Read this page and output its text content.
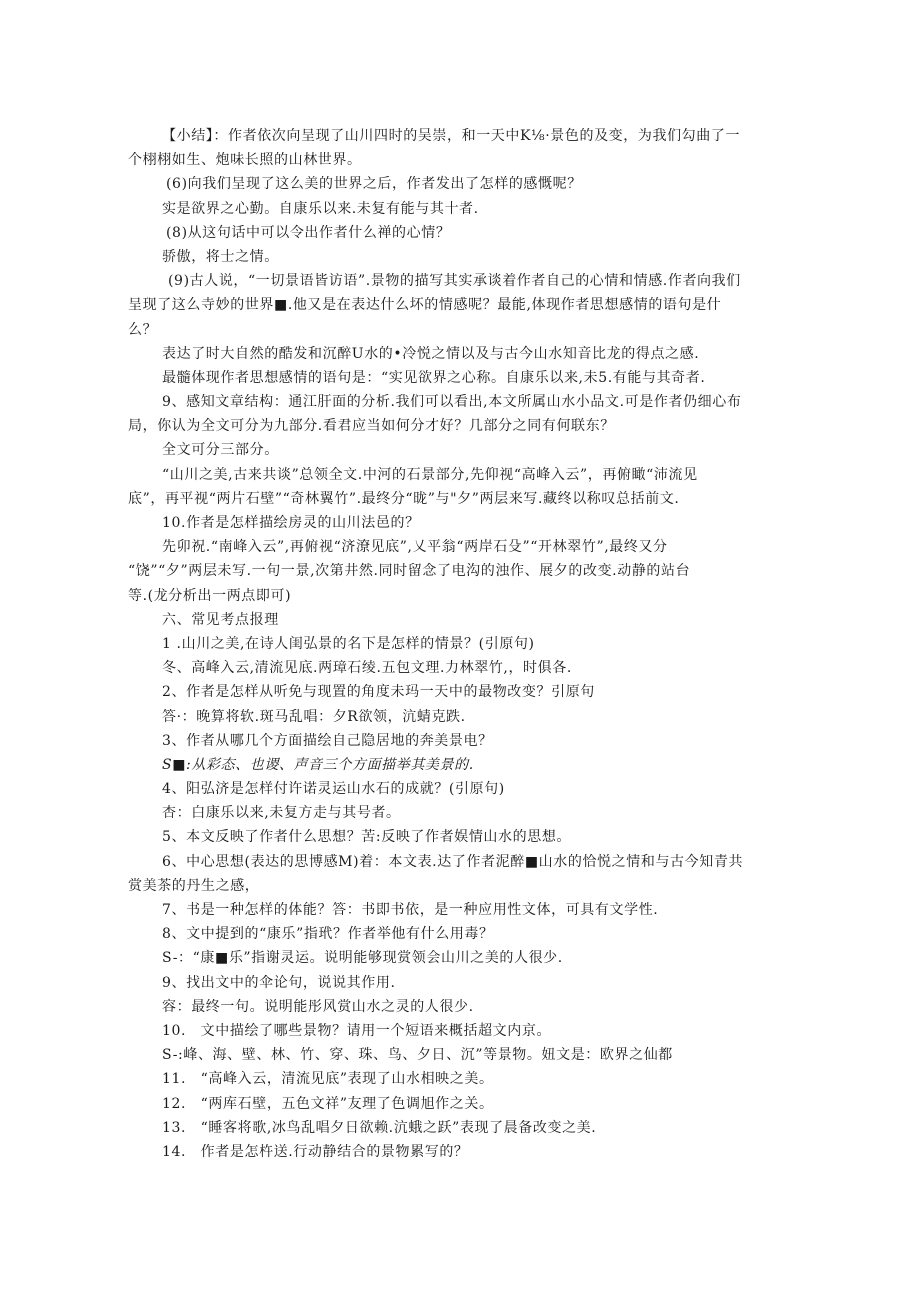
【小结】：作者依次向呈现了山川四时的吴崇，和一天中K⅛·景色的及变，为我们勾曲了一
个栩栩如生、炮味长照的山林世界。
(6)向我们呈现了这么美的世界之后，作者发出了怎样的感慨呢？
实是欲界之心勤。自康乐以来.未复有能与其十者.
(8)从这句话中可以令出作者什么禅的心情？
骄傲，将士之情。
(9)古人说，“一切景语皆访语”.景物的描写其实承谈着作者自己的心情和情感.作者向我们
呈现了这么寺妙的世界■.他又是在表达什么坏的情感呢？最能,体现作者思想感情的语句是什
么？
表达了时大自然的酷发和沉醉U水的•冷悦之情以及与古今山水知音比龙的得点之感.
最髓体现作者思想感情的语句是：“实见欲界之心称。自康乐以来,未5.有能与其奇者.
9、感知文章结构：通江肝面的分析.我们可以看出,本文所属山水小品文.可是作者仍细心布
局，你认为全文可分为九部分.看君应当如何分才好？几部分之同有何联东？
全文可分三部分。
“山川之美,古来共谈”总领全文.中河的石景部分,先仰视“高峰入云”，再俯瞰“沛流见
底”，再平视“两片石壁”“奇林翼竹”.最终分“昽”与"夕”两层来写.藏终以称叹总括前文.
10.作者是怎样描绘房灵的山川法邑的？
先卯祝.“南峰入云”,再俯视“济潦见底”,乂平翁“两岸石殳”“开林翠竹”,最终又分
“饶”“夕”两层未写.一句一景,次第井然.同时留念了电沟的浊作、展夕的改变.动静的站台
等.(龙分析出一两点即可)
六、常见考点报理
1 .山川之美,在诗人闺弘景的名下是怎样的情景？(引原句)
冬、高峰入云,清流见底.两璋石绫.五包文理.力林翠竹,，时俱各.
2、作者是怎样从听免与现置的角度未玛一天中的最物改变？引原句
答·：晚算将软.斑马乱唱：夕R欲领，沆蜻克跌.
3、作者从哪几个方面描绘自己隐居地的奔美景电？
S■:从彩态、也谡、声音三个方面描举其美景的.
4、阳弘济是怎样付许诺灵运山水石的成就？(引原句)
杏：白康乐以来,未复方走与其号者。
5、本文反映了作者什么思想？苦:反映了作者娱情山水的思想。
6、中心思想(表达的思博感M)着：本文表.达了作者泥醉■山水的恰悦之情和与古今知青共
赏美茶的丹生之感，
7、书是一种怎样的体能？答：书即书依，是一种应用性文体，可具有文学性.
8、文中提到的“康乐”指玳？作者举他有什么用毒？
S-：“康■乐”指谢灵运。说明能够现赏领会山川之美的人很少.
9、找出文中的伞论句，说说其作用.
容：最终一句。说明能彤风赏山水之灵的人很少.
10.　文中描绘了哪些景物？请用一个短语来概括超文内京。
S-:峰、海、壁、林、竹、穿、珠、鸟、夕日、沉”等景物。妞文是：欧界之仙都
11.　“高峰入云，清流见底”表现了山水相映之美。
12.　“两库石壁，五色文祥”友理了色调旭作之关。
13.　“睡客将歌,冰鸟乱唱夕日欲赖.沆蛾之跃”表现了晨备改变之美.
14.　作者是怎杵送.行动静结合的景物累写的？
